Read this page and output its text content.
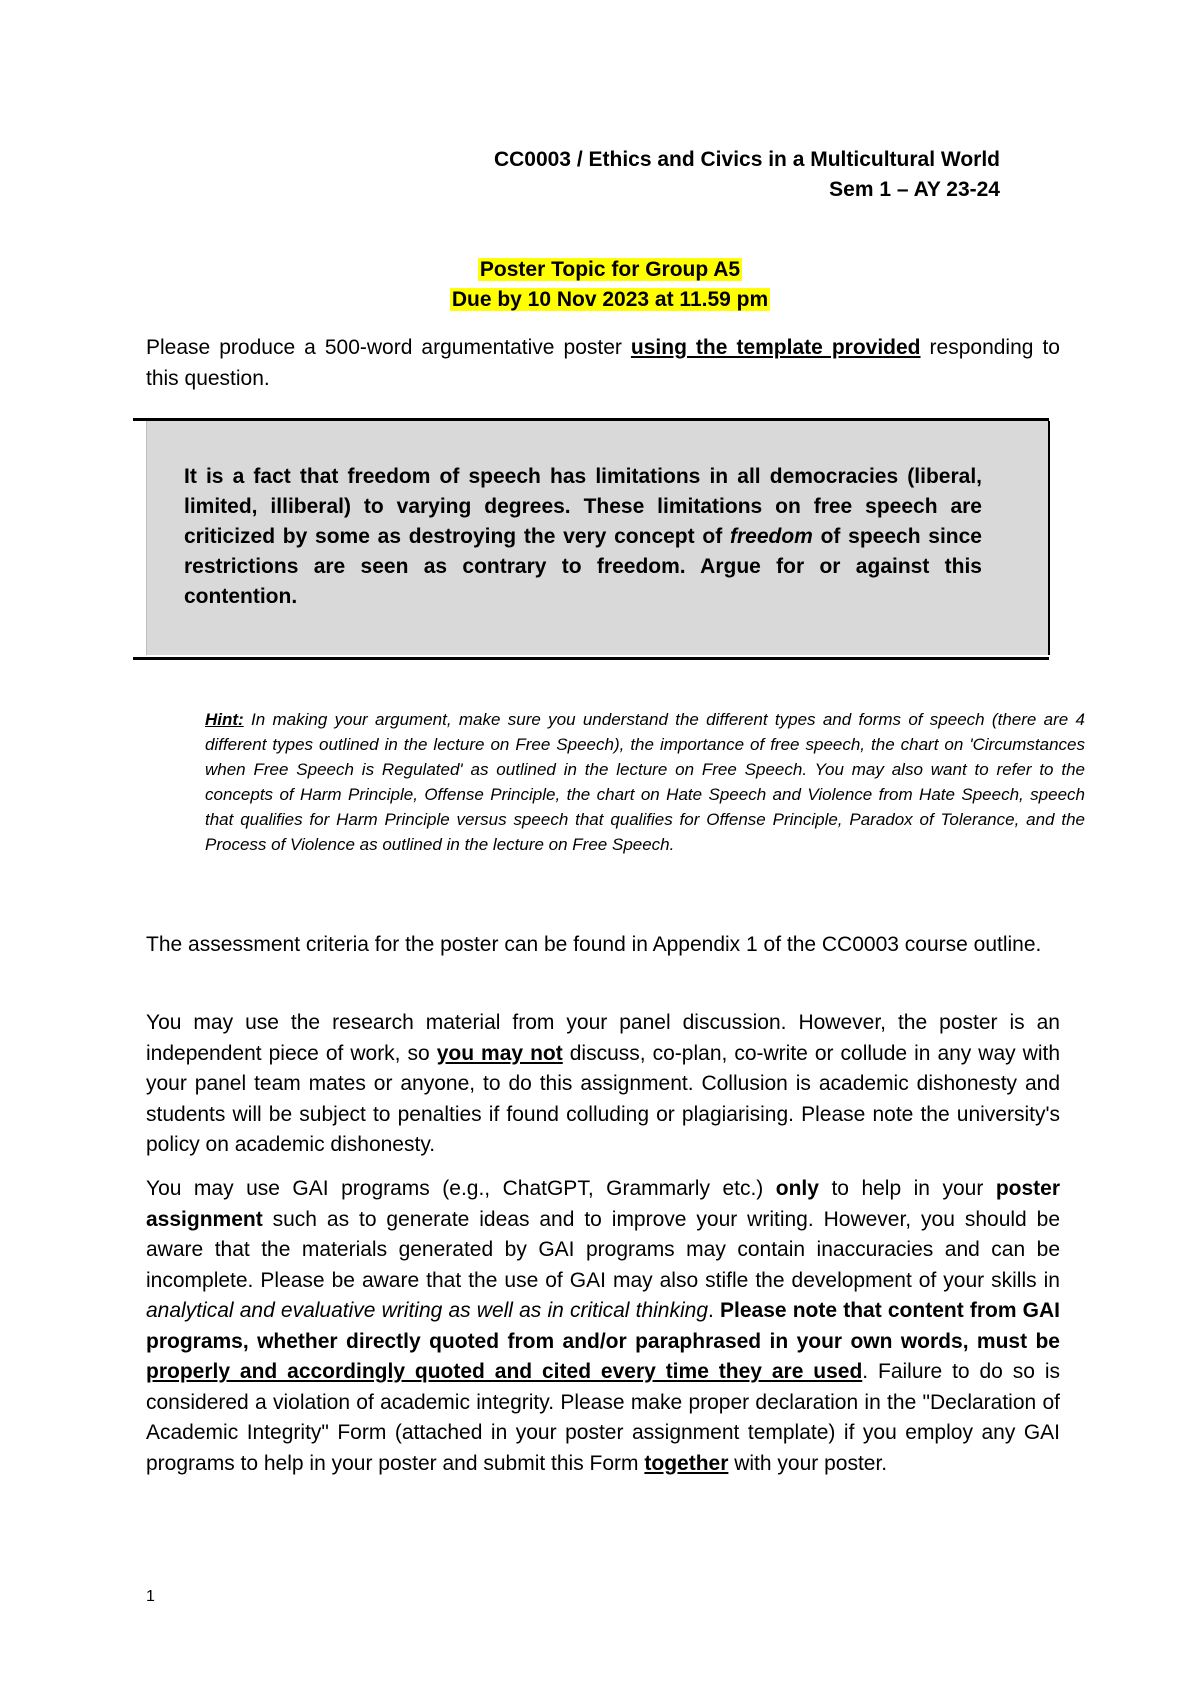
CC0003 / Ethics and Civics in a Multicultural World
Sem 1 – AY 23-24
Poster Topic for Group A5
Due by 10 Nov 2023 at 11.59 pm
Please produce a 500-word argumentative poster using the template provided responding to this question.
It is a fact that freedom of speech has limitations in all democracies (liberal, limited, illiberal) to varying degrees. These limitations on free speech are criticized by some as destroying the very concept of freedom of speech since restrictions are seen as contrary to freedom. Argue for or against this contention.
Hint: In making your argument, make sure you understand the different types and forms of speech (there are 4 different types outlined in the lecture on Free Speech), the importance of free speech, the chart on 'Circumstances when Free Speech is Regulated' as outlined in the lecture on Free Speech. You may also want to refer to the concepts of Harm Principle, Offense Principle, the chart on Hate Speech and Violence from Hate Speech, speech that qualifies for Harm Principle versus speech that qualifies for Offense Principle, Paradox of Tolerance, and the Process of Violence as outlined in the lecture on Free Speech.
The assessment criteria for the poster can be found in Appendix 1 of the CC0003 course outline.
You may use the research material from your panel discussion. However, the poster is an independent piece of work, so you may not discuss, co-plan, co-write or collude in any way with your panel team mates or anyone, to do this assignment. Collusion is academic dishonesty and students will be subject to penalties if found colluding or plagiarising. Please note the university's policy on academic dishonesty.
You may use GAI programs (e.g., ChatGPT, Grammarly etc.) only to help in your poster assignment such as to generate ideas and to improve your writing. However, you should be aware that the materials generated by GAI programs may contain inaccuracies and can be incomplete. Please be aware that the use of GAI may also stifle the development of your skills in analytical and evaluative writing as well as in critical thinking. Please note that content from GAI programs, whether directly quoted from and/or paraphrased in your own words, must be properly and accordingly quoted and cited every time they are used. Failure to do so is considered a violation of academic integrity. Please make proper declaration in the "Declaration of Academic Integrity" Form (attached in your poster assignment template) if you employ any GAI programs to help in your poster and submit this Form together with your poster.
1
